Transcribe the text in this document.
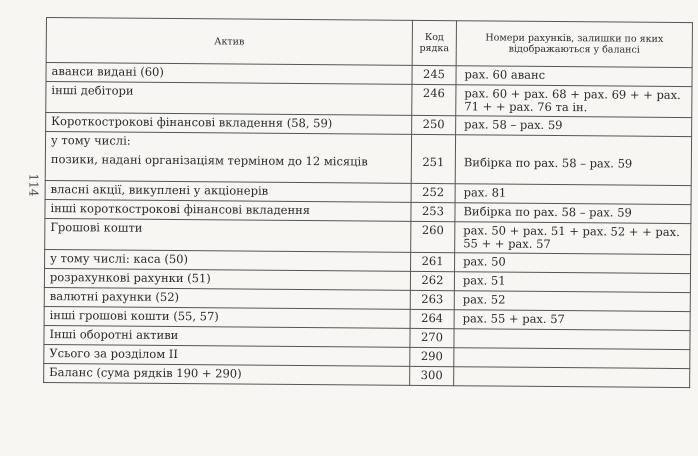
114
Актив	Код рядка	Номери рахунків, залишки по яких відображаються у балансі
аванси видані (60)	245	рах. 60 аванс
інші дебітори	246	рах. 60 + рах. 68 + рах. 69 + + рах. 71 + + рах. 76 та ін.
Короткострокові фінансові вкладення (58, 59)	250	рах. 58 – рах. 59
у тому числі:		
позики, надані організаціям терміном до 12 місяців	251	Вибірка по рах. 58 – рах. 59
власні акції, викуплені у акціонерів	252	рах. 81
інші короткострокові фінансові вкладення	253	Вибірка по рах. 58 – рах. 59
Грошові кошти	260	рах. 50 + рах. 51 + рах. 52 + + рах. 55 + + рах. 57
у тому числі: каса (50)	261	рах. 50
розрахункові рахунки (51)	262	рах. 51
валютні рахунки (52)	263	рах. 52
інші грошові кошти (55, 57)	264	рах. 55 + рах. 57
Інші оборотні активи	270	
Усього за розділом II	290	
Баланс (сума рядків 190 + 290)	300	
